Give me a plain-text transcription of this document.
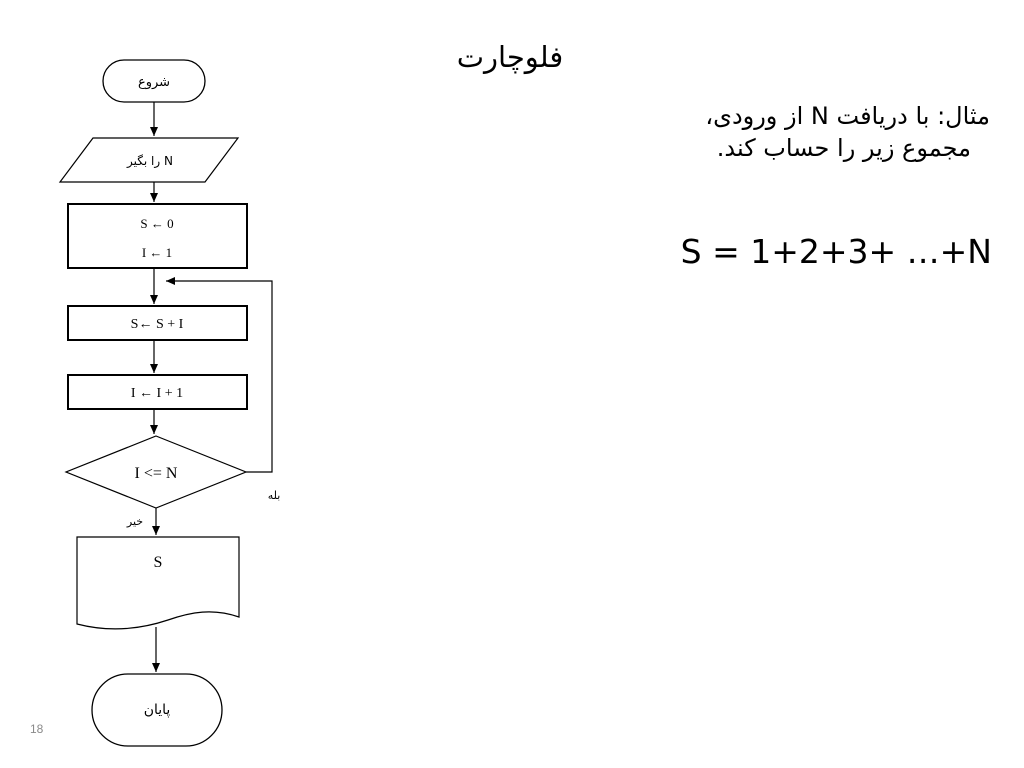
فلوچارت
مثال: با دریافت N از ورودی،
مجموع زیر را حساب کند.
S = 1+2+3+ …+N
18
شروع
N را بگیر
S ← 0
I ← 1
S← S + I
I ← I + 1
I <= N
بله
خیر
S
پایان
